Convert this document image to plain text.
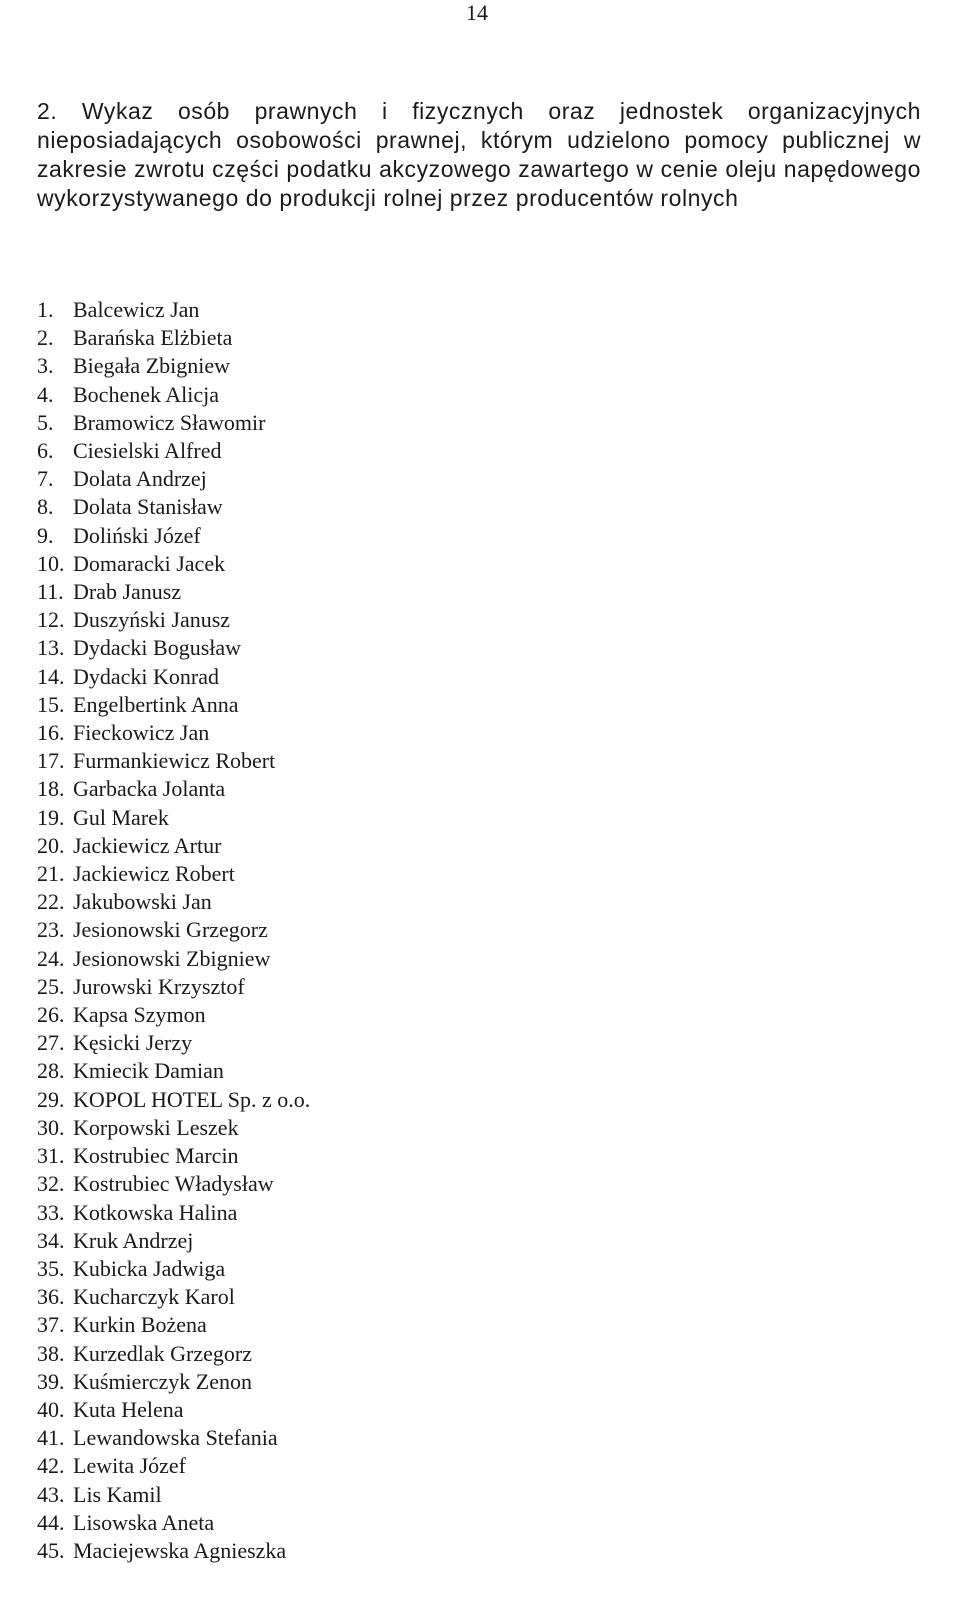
14

2. Wykaz osób prawnych i fizycznych oraz jednostek organizacyjnych nieposiadających osobowości prawnej, którym udzielono pomocy publicznej w zakresie zwrotu części podatku akcyzowego zawartego w cenie oleju napędowego wykorzystywanego do produkcji rolnej przez producentów rolnych

1. Balcewicz Jan
2. Barańska Elżbieta
3. Biegała Zbigniew
4. Bochenek Alicja
5. Bramowicz Sławomir
6. Ciesielski Alfred
7. Dolata Andrzej
8. Dolata Stanisław
9. Doliński Józef
10. Domaracki Jacek
11. Drab Janusz
12. Duszyński Janusz
13. Dydacki Bogusław
14. Dydacki Konrad
15. Engelbertink Anna
16. Fieckowicz Jan
17. Furmankiewicz Robert
18. Garbacka Jolanta
19. Gul Marek
20. Jackiewicz Artur
21. Jackiewicz Robert
22. Jakubowski Jan
23. Jesionowski Grzegorz
24. Jesionowski Zbigniew
25. Jurowski Krzysztof
26. Kapsa Szymon
27. Kęsicki Jerzy
28. Kmiecik Damian
29. KOPOL HOTEL Sp. z o.o.
30. Korpowski Leszek
31. Kostrubiec Marcin
32. Kostrubiec Władysław
33. Kotkowska Halina
34. Kruk Andrzej
35. Kubicka Jadwiga
36. Kucharczyk Karol
37. Kurkin Bożena
38. Kurzedlak Grzegorz
39. Kuśmierczyk Zenon
40. Kuta Helena
41. Lewandowska Stefania
42. Lewita Józef
43. Lis Kamil
44. Lisowska Aneta
45. Maciejewska Agnieszka
